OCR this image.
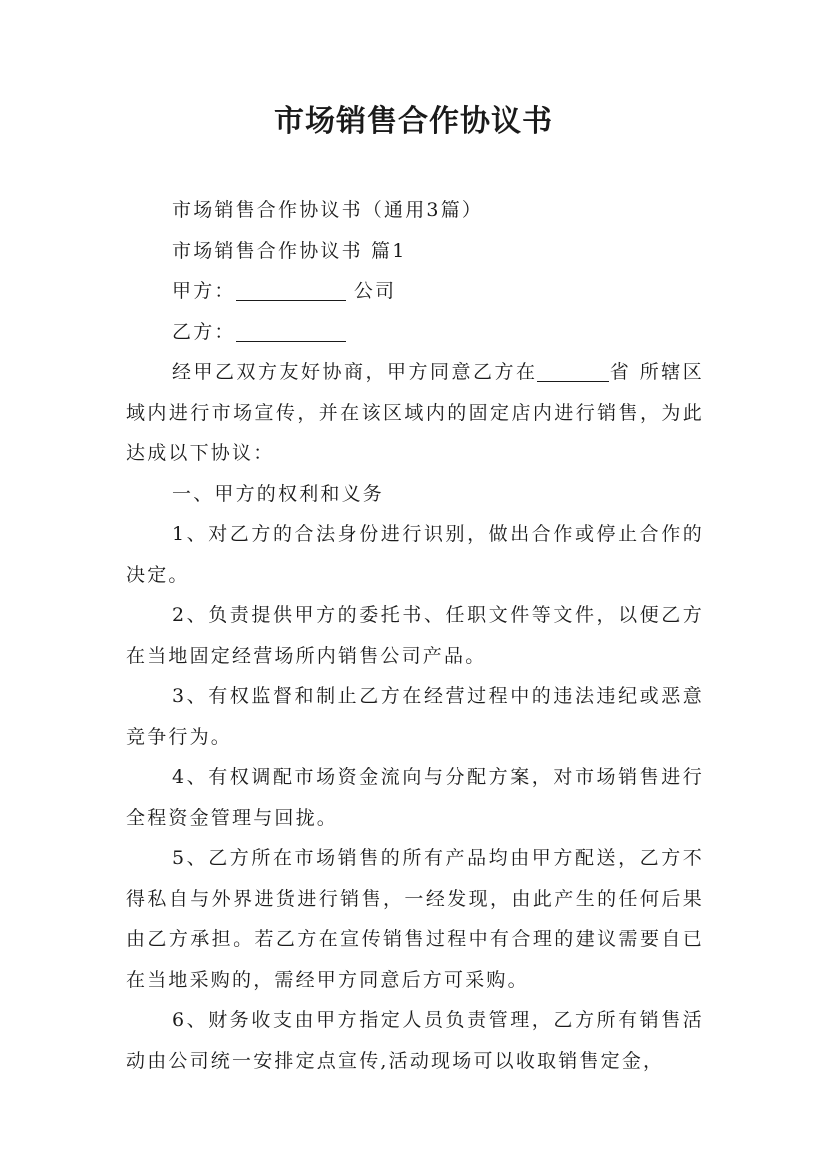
市场销售合作协议书

市场销售合作协议书（通用3篇）

市场销售合作协议书 篇1

甲方：	公司

乙方：

经甲乙双方友好协商，甲方同意乙方在	省 所辖区域内进行市场宣传，并在该区域内的固定店内进行销售，为此达成以下协议：

一、甲方的权利和义务

1、对乙方的合法身份进行识别，做出合作或停止合作的决定。

2、负责提供甲方的委托书、任职文件等文件，以便乙方在当地固定经营场所内销售公司产品。

3、有权监督和制止乙方在经营过程中的违法违纪或恶意竞争行为。

4、有权调配市场资金流向与分配方案，对市场销售进行全程资金管理与回拢。

5、乙方所在市场销售的所有产品均由甲方配送，乙方不得私自与外界进货进行销售，一经发现，由此产生的任何后果由乙方承担。若乙方在宣传销售过程中有合理的建议需要自已在当地采购的，需经甲方同意后方可采购。

6、财务收支由甲方指定人员负责管理，乙方所有销售活动由公司统一安排定点宣传,活动现场可以收取销售定金，
